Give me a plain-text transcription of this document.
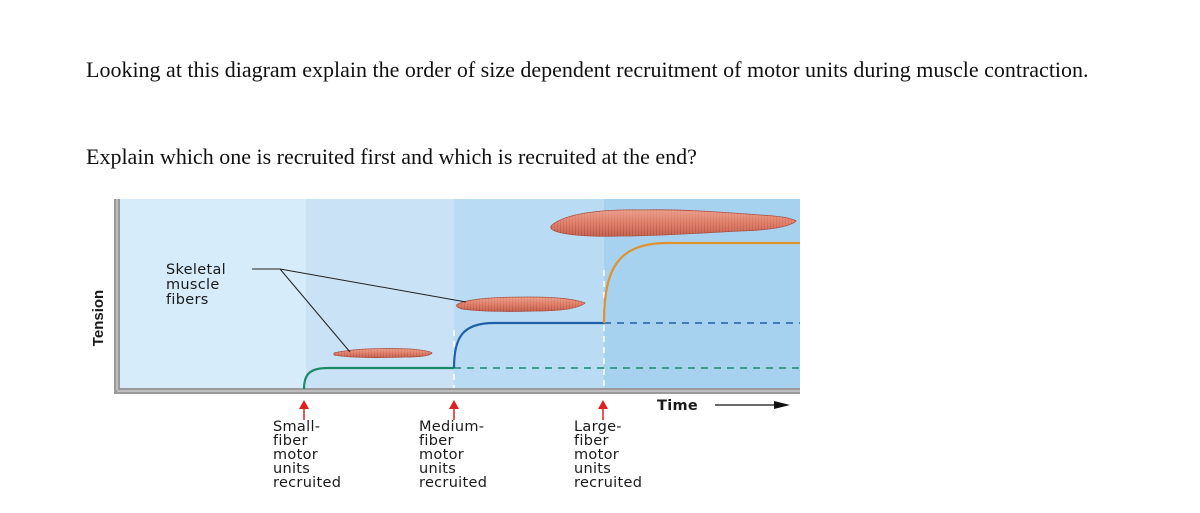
Looking at this diagram explain the order of size dependent recruitment of motor units during muscle contraction.
Explain which one is recruited first and which is recruited at the end?
Skeletal muscle fibers
Tension
Time
Small- fiber motor units recruited
Medium- fiber motor units recruited
Large- fiber motor units recruited
